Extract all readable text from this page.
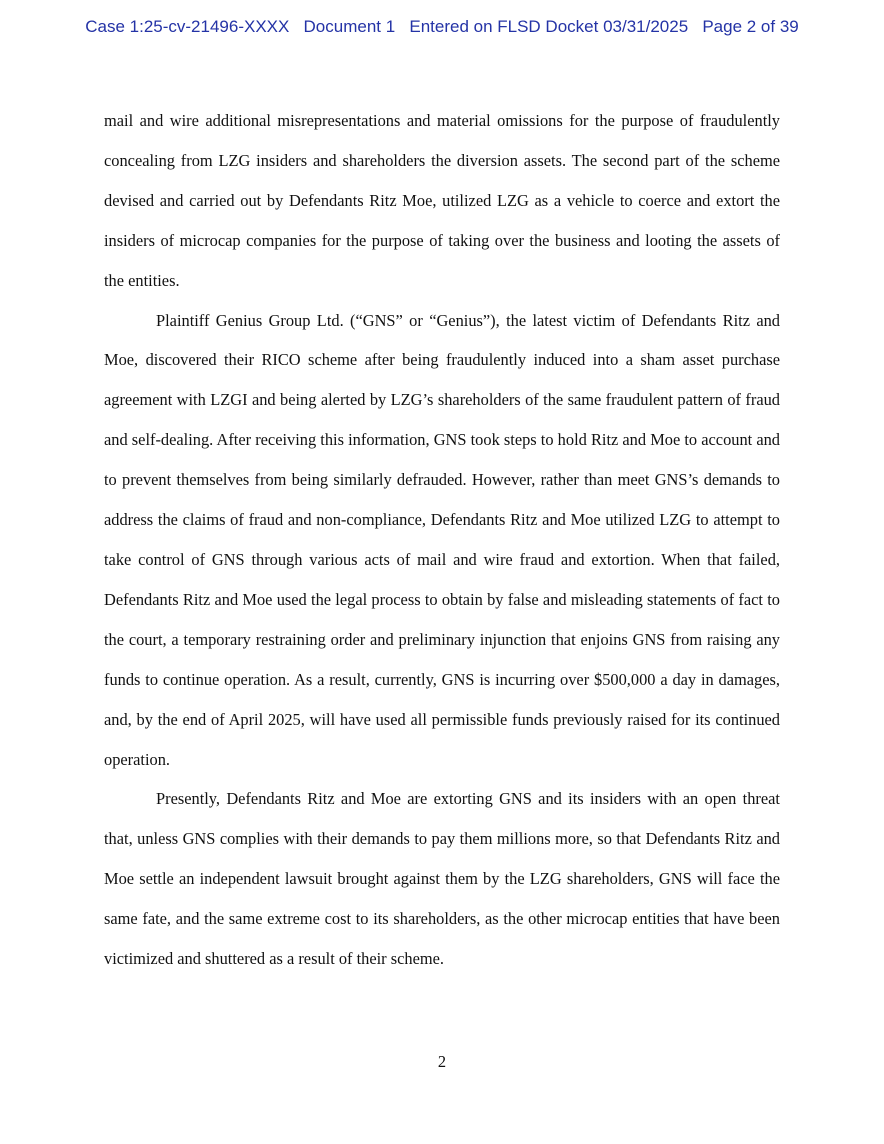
Case 1:25-cv-21496-XXXX Document 1 Entered on FLSD Docket 03/31/2025 Page 2 of 39

mail and wire additional misrepresentations and material omissions for the purpose of fraudulently concealing from LZG insiders and shareholders the diversion assets. The second part of the scheme devised and carried out by Defendants Ritz Moe, utilized LZG as a vehicle to coerce and extort the insiders of microcap companies for the purpose of taking over the business and looting the assets of the entities.

Plaintiff Genius Group Ltd. (“GNS” or “Genius”), the latest victim of Defendants Ritz and Moe, discovered their RICO scheme after being fraudulently induced into a sham asset purchase agreement with LZGI and being alerted by LZG’s shareholders of the same fraudulent pattern of fraud and self-dealing. After receiving this information, GNS took steps to hold Ritz and Moe to account and to prevent themselves from being similarly defrauded. However, rather than meet GNS’s demands to address the claims of fraud and non-compliance, Defendants Ritz and Moe utilized LZG to attempt to take control of GNS through various acts of mail and wire fraud and extortion. When that failed, Defendants Ritz and Moe used the legal process to obtain by false and misleading statements of fact to the court, a temporary restraining order and preliminary injunction that enjoins GNS from raising any funds to continue operation. As a result, currently, GNS is incurring over $500,000 a day in damages, and, by the end of April 2025, will have used all permissible funds previously raised for its continued operation.

Presently, Defendants Ritz and Moe are extorting GNS and its insiders with an open threat that, unless GNS complies with their demands to pay them millions more, so that Defendants Ritz and Moe settle an independent lawsuit brought against them by the LZG shareholders, GNS will face the same fate, and the same extreme cost to its shareholders, as the other microcap entities that have been victimized and shuttered as a result of their scheme.

2
